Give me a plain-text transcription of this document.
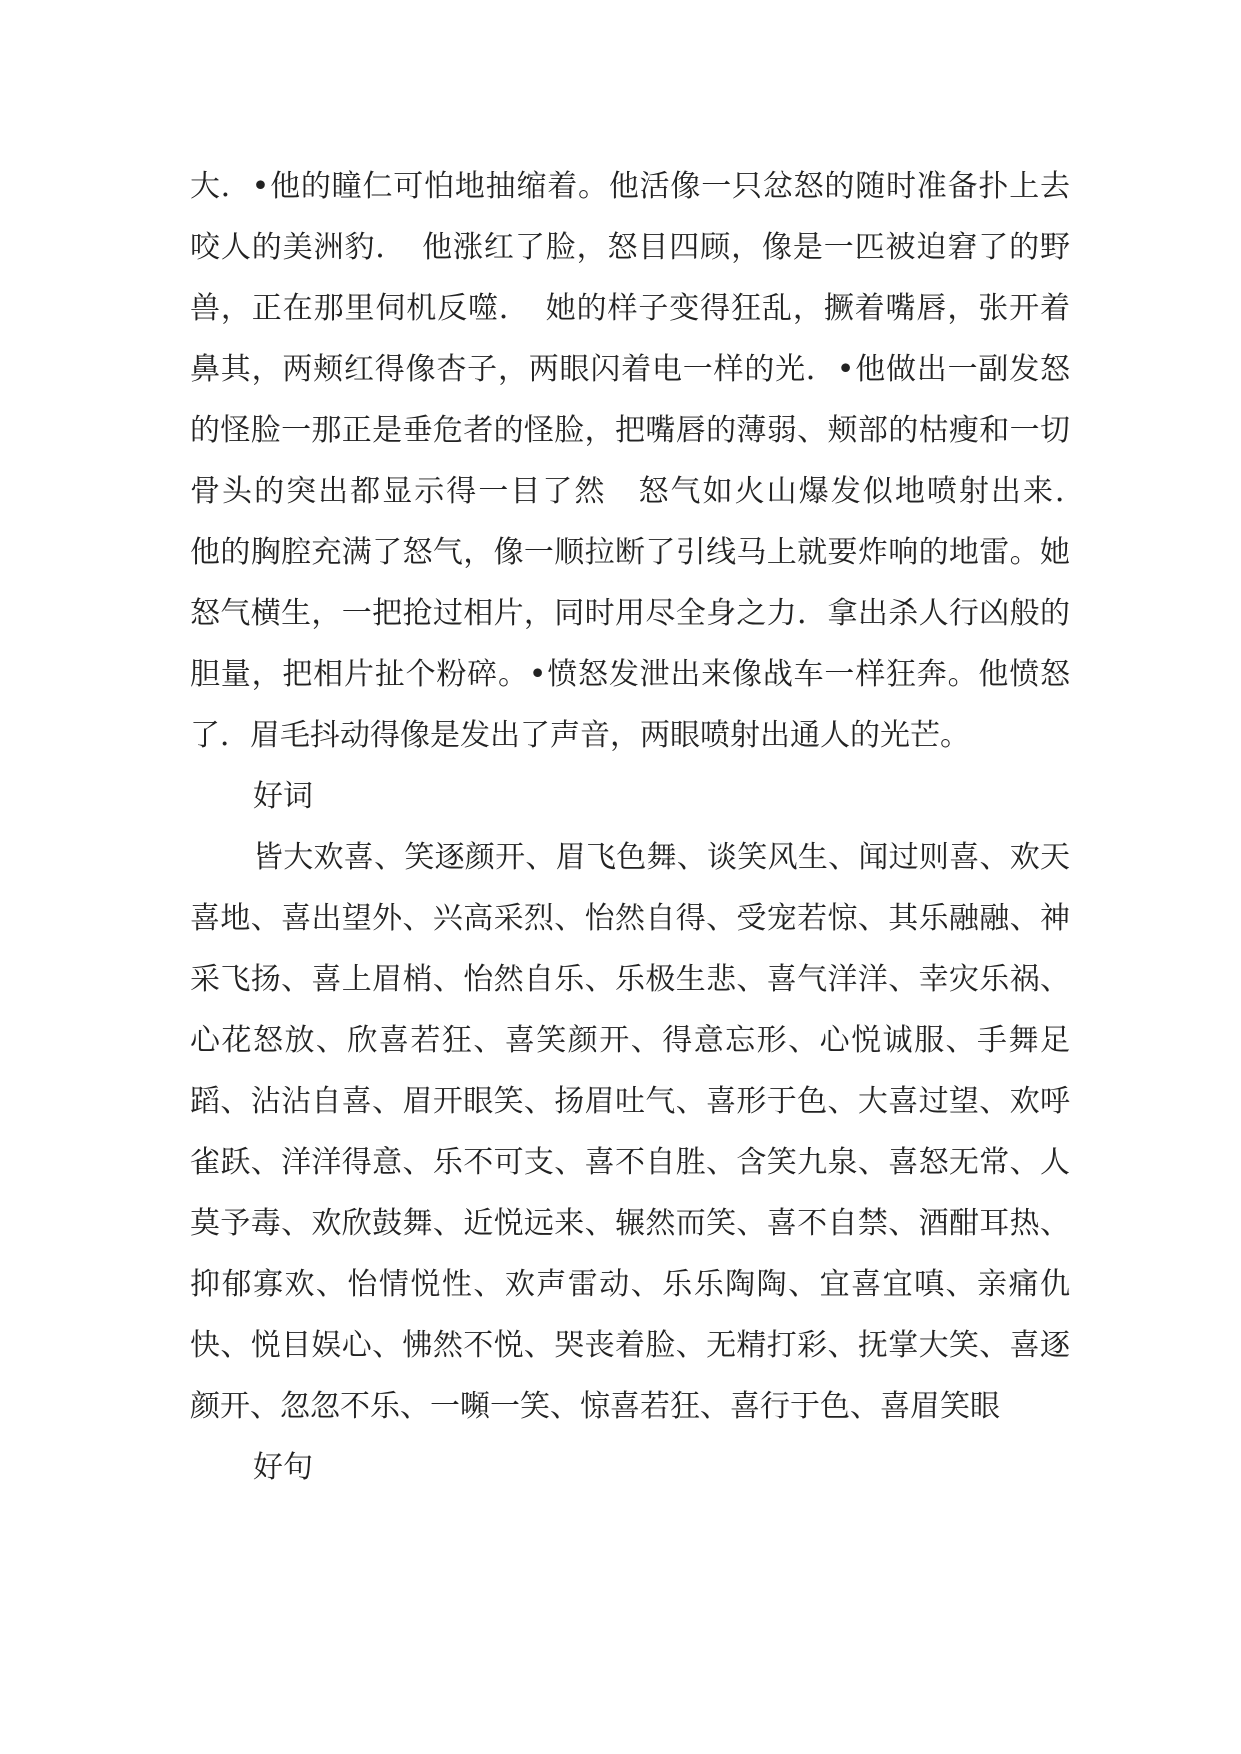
大．•他的瞳仁可怕地抽缩着。他活像一只忿怒的随时准备扑上去咬人的美洲豹．　他涨红了脸，怒目四顾，像是一匹被迫窘了的野兽，正在那里伺机反噬．　她的样子变得狂乱，撅着嘴唇，张开着鼻其，两颊红得像杏子，两眼闪着电一样的光．•他做出一副发怒的怪脸一那正是垂危者的怪脸，把嘴唇的薄弱、颊部的枯瘦和一切骨头的突出都显示得一目了然　怒气如火山爆发似地喷射出来．　他的胸腔充满了怒气，像一顺拉断了引线马上就要炸响的地雷。她怒气横生，一把抢过相片，同时用尽全身之力．拿出杀人行凶般的胆量，把相片扯个粉碎。•愤怒发泄出来像战车一样狂奔。他愤怒了．眉毛抖动得像是发出了声音，两眼喷射出通人的光芒。

好词

皆大欢喜、笑逐颜开、眉飞色舞、谈笑风生、闻过则喜、欢天喜地、喜出望外、兴高采烈、怡然自得、受宠若惊、其乐融融、神采飞扬、喜上眉梢、怡然自乐、乐极生悲、喜气洋洋、幸灾乐祸、心花怒放、欣喜若狂、喜笑颜开、得意忘形、心悦诚服、手舞足蹈、沾沾自喜、眉开眼笑、扬眉吐气、喜形于色、大喜过望、欢呼雀跃、洋洋得意、乐不可支、喜不自胜、含笑九泉、喜怒无常、人莫予毒、欢欣鼓舞、近悦远来、辗然而笑、喜不自禁、酒酣耳热、抑郁寡欢、怡情悦性、欢声雷动、乐乐陶陶、宜喜宜嗔、亲痛仇快、悦目娱心、怫然不悦、哭丧着脸、无精打彩、抚掌大笑、喜逐颜开、忽忽不乐、一嚬一笑、惊喜若狂、喜行于色、喜眉笑眼

好句
